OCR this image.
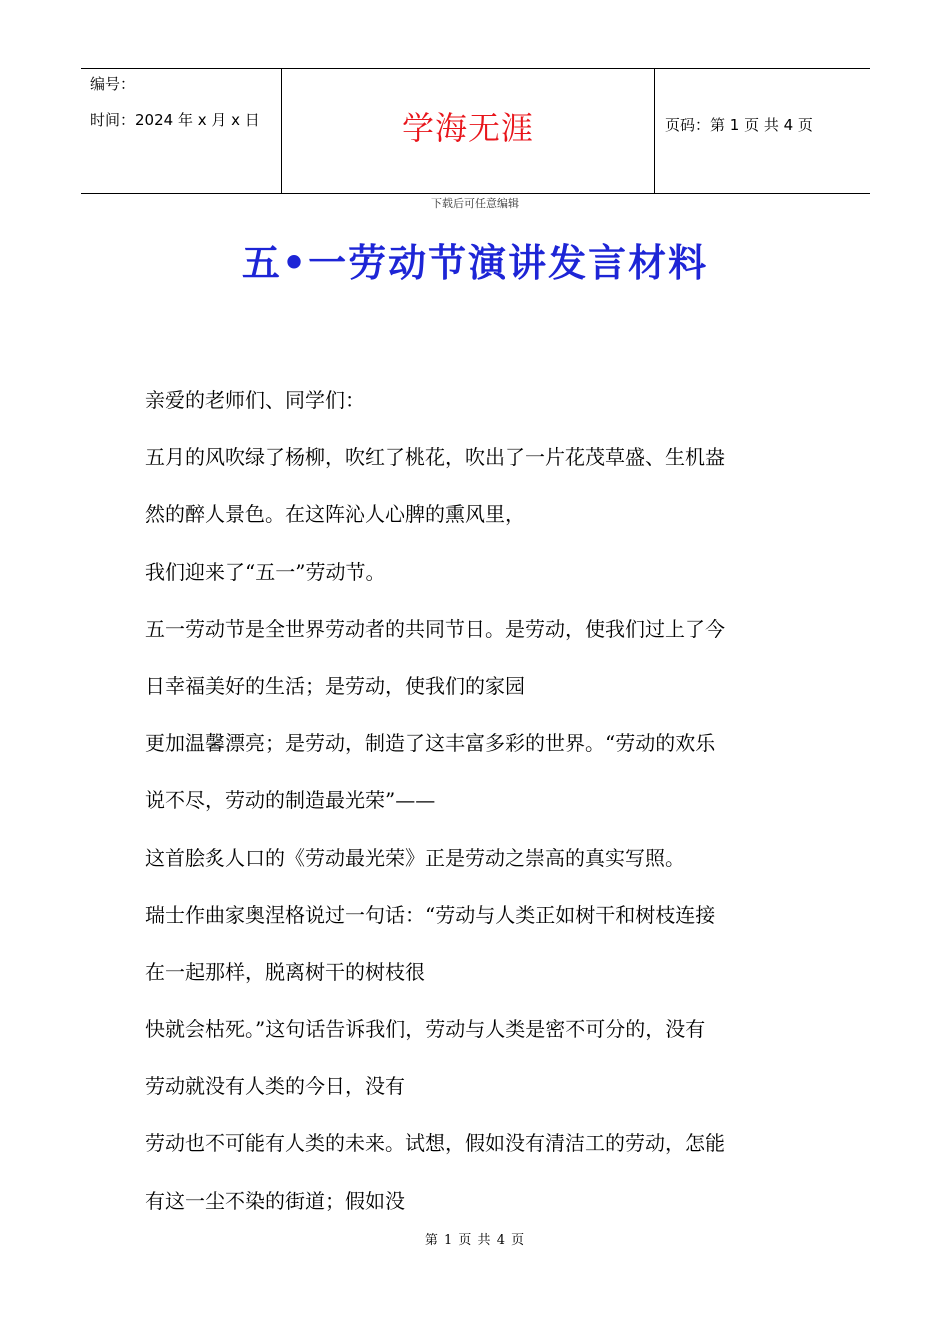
编号：
时间：2024 年 x 月 x 日	学海无涯	页码：第 1 页 共 4 页
下载后可任意编辑
五•一劳动节演讲发言材料
亲爱的老师们、同学们：
五月的风吹绿了杨柳，吹红了桃花，吹出了一片花茂草盛、生机盎
然的醉人景色。在这阵沁人心脾的熏风里，
我们迎来了“五一”劳动节。
五一劳动节是全世界劳动者的共同节日。是劳动，使我们过上了今
日幸福美好的生活；是劳动，使我们的家园
更加温馨漂亮；是劳动，制造了这丰富多彩的世界。“劳动的欢乐
说不尽，劳动的制造最光荣”——
这首脍炙人口的《劳动最光荣》正是劳动之崇高的真实写照。
瑞士作曲家奥涅格说过一句话：“劳动与人类正如树干和树枝连接
在一起那样，脱离树干的树枝很
快就会枯死。”这句话告诉我们，劳动与人类是密不可分的，没有
劳动就没有人类的今日，没有
劳动也不可能有人类的未来。试想，假如没有清洁工的劳动，怎能
有这一尘不染的街道；假如没
第 1 页 共 4 页
